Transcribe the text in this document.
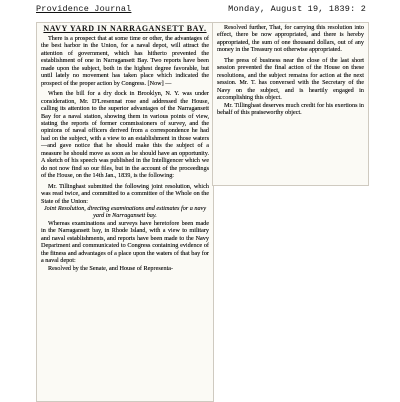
Providence Journal	Monday, August 19, 1839: 2
NAVY YARD IN NARRAGANSETT BAY.

There is a prospect that at some time or other, the advantages of the best harbor in the Union, for a naval depot, will attract the attention of government, which has hitherto prevented the establishment of one in Narragansett Bay. Two reports have been made upon the subject, both in the highest degree favorable, but until lately no movement has taken place which indicated the prospect of the proper action by Congress. [Now] —

When the bill for a dry dock in Brooklyn, N. Y. was under consideration, Mr. D'Lresennat rose and addressed the House, calling its attention to the superior advantages of the Narragansett Bay for a naval station, showing them in various points of view, stating the reports of former commissioners of survey, and the opinions of naval officers derived from a correspondence he had had on the subject, with a view to an establishment in those waters—and gave notice that he should make this the subject of a measure he should move as soon as he should have an opportunity. A sketch of his speech was published in the Intelligencer which we do not now find so our files, but in the account of the proceedings of the House, on the 14th Jan., 1839, is the following:

Mr. Tillinghast submitted the following joint resolution, which was read twice, and committed to a committee of the Whole on the State of the Union:

Joint Resolution, directing examinations and estimates for a navy yard in Narragansett bay.

Whereas examinations and surveys have heretofore been made in the Narragansett bay, in Rhode Island, with a view to military and naval establishments, and reports have been made to the Navy Department and communicated to Congress containing evidence of the fitness and advantages of a place upon the waters of that bay for a naval depot:

Resolved by the Senate, and House of Representa-

Resolved further, That, for carrying this resolution into effect, there be now appropriated, and there is hereby appropriated, the sum of one thousand dollars, out of any money in the Treasury not otherwise appropriated.

The press of business near the close of the last short session prevented the final action of the House on these resolutions, and the subject remains for action at the next session. Mr. T. has conversed with the Secretary of the Navy on the subject, and is heartily engaged in accomplishing this object.

Mr. Tillinghast deserves much credit for his exertions in behalf of this praiseworthy object.
